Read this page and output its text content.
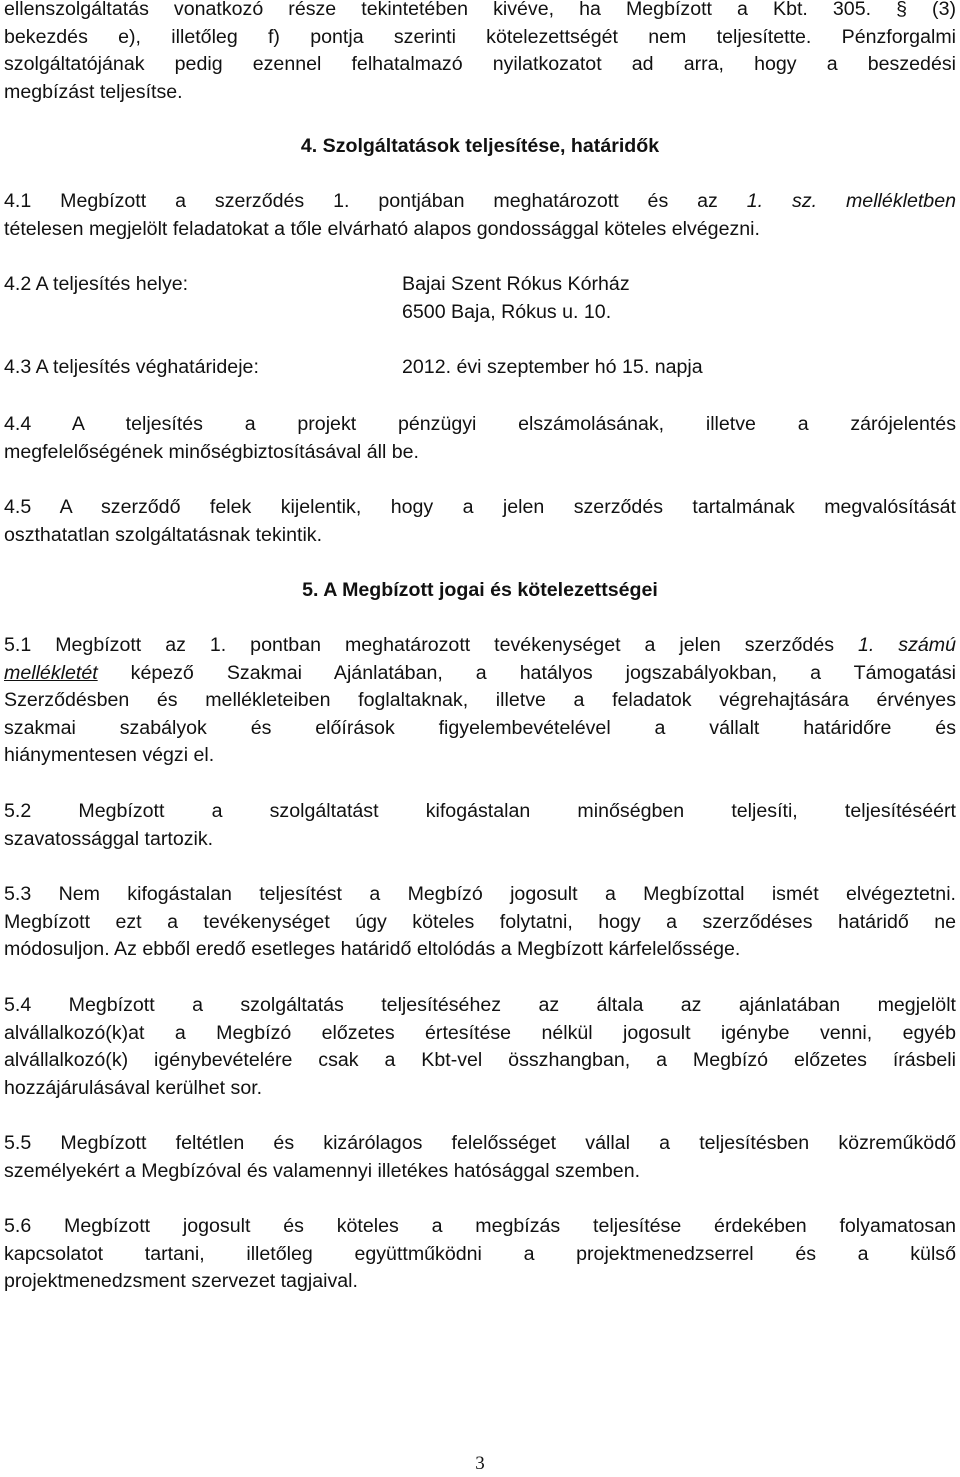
ellenszolgáltatás vonatkozó része tekintetében kivéve, ha Megbízott a Kbt. 305. § (3)
bekezdés e), illetőleg f) pontja szerinti kötelezettségét nem teljesítette. Pénzforgalmi
szolgáltatójának pedig ezennel felhatalmazó nyilatkozatot ad arra, hogy a beszedési
megbízást teljesítse.
4. Szolgáltatások teljesítése, határidők
4.1 Megbízott a szerződés 1. pontjában meghatározott és az 1. sz. mellékletben
tételesen megjelölt feladatokat a tőle elvárható alapos gondossággal köteles elvégezni.
4.2 A teljesítés helye:	Bajai Szent Rókus Kórház
6500 Baja, Rókus u. 10.
4.3 A teljesítés véghatárideje:	2012. évi szeptember hó 15. napja
4.4 A teljesítés a projekt pénzügyi elszámolásának, illetve a zárójelentés
megfelelőségének minőségbiztosításával áll be.
4.5 A szerződő felek kijelentik, hogy a jelen szerződés tartalmának megvalósítását
oszthatatlan szolgáltatásnak tekintik.
5. A Megbízott jogai és kötelezettségei
5.1 Megbízott az 1. pontban meghatározott tevékenységet a jelen szerződés 1. számú
mellékletét képező Szakmai Ajánlatában, a hatályos jogszabályokban, a Támogatási
Szerződésben és mellékleteiben foglaltaknak, illetve a feladatok végrehajtására érvényes
szakmai szabályok és előírások figyelembevételével a vállalt határidőre és
hiánymentesen végzi el.
5.2 Megbízott a szolgáltatást kifogástalan minőségben teljesíti, teljesítéséért
szavatossággal tartozik.
5.3 Nem kifogástalan teljesítést a Megbízó jogosult a Megbízottal ismét elvégeztetni.
Megbízott ezt a tevékenységet úgy köteles folytatni, hogy a szerződéses határidő ne
módosuljon. Az ebből eredő esetleges határidő eltolódás a Megbízott kárfelelőssége.
5.4 Megbízott a szolgáltatás teljesítéséhez az általa az ajánlatában megjelölt
alvállalkozó(k)at a Megbízó előzetes értesítése nélkül jogosult igénybe venni, egyéb
alvállalkozó(k) igénybevételére csak a Kbt-vel összhangban, a Megbízó előzetes írásbeli
hozzájárulásával kerülhet sor.
5.5 Megbízott feltétlen és kizárólagos felelősséget vállal a teljesítésben közreműködő
személyekért a Megbízóval és valamennyi illetékes hatósággal szemben.
5.6 Megbízott jogosult és köteles a megbízás teljesítése érdekében folyamatosan
kapcsolatot tartani, illetőleg együttműködni a projektmenedzserrel és a külső
projektmenedzsment szervezet tagjaival.
3
